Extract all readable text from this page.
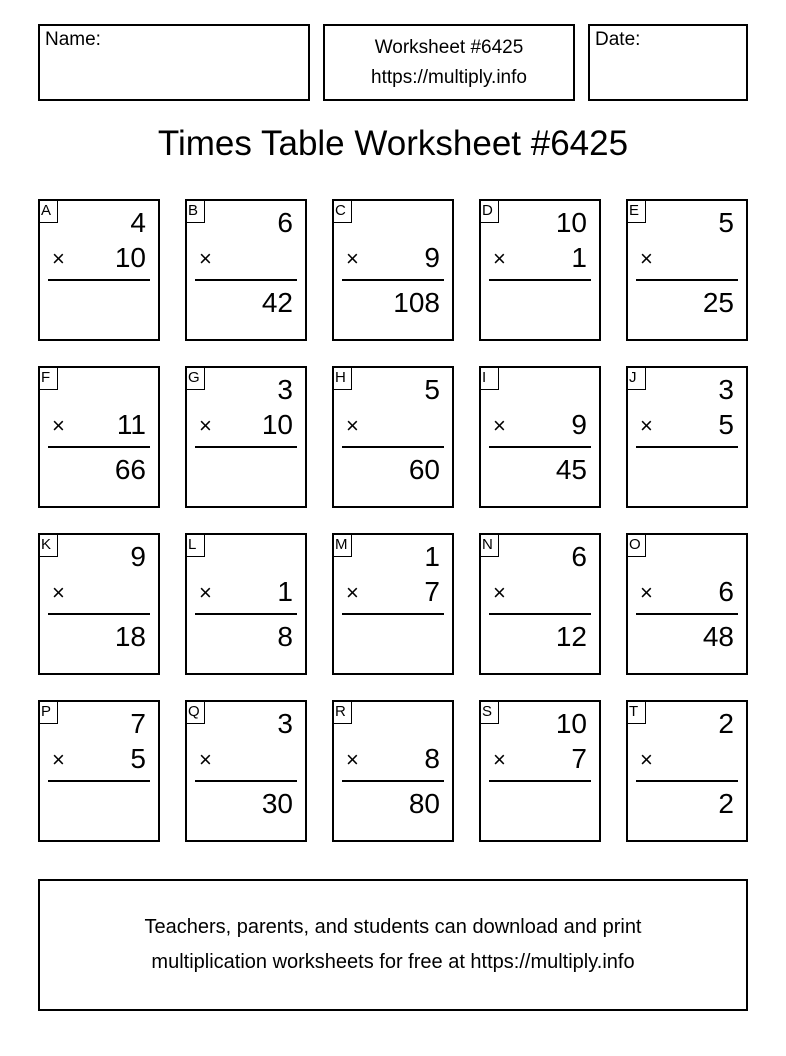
Name:	Worksheet #6425
https://multiply.info
Date:
Times Table Worksheet #6425
A	4
× 10
B	6
×
42
C
× 9
108
D 10
× 1
E	5
×
25
F
× 11
66
G	3
× 10
H	5
×
60
I
× 9
45
J	3
× 5
K	9
×
18
L
× 1
8
M	1
× 7
N	6
×
12
O
× 6
48
P	7
× 5
Q	3
×
30
R
× 8
80
S 10
× 7
T	2
×
2
Teachers, parents, and students can download and print
multiplication worksheets for free at https://multiply.info
